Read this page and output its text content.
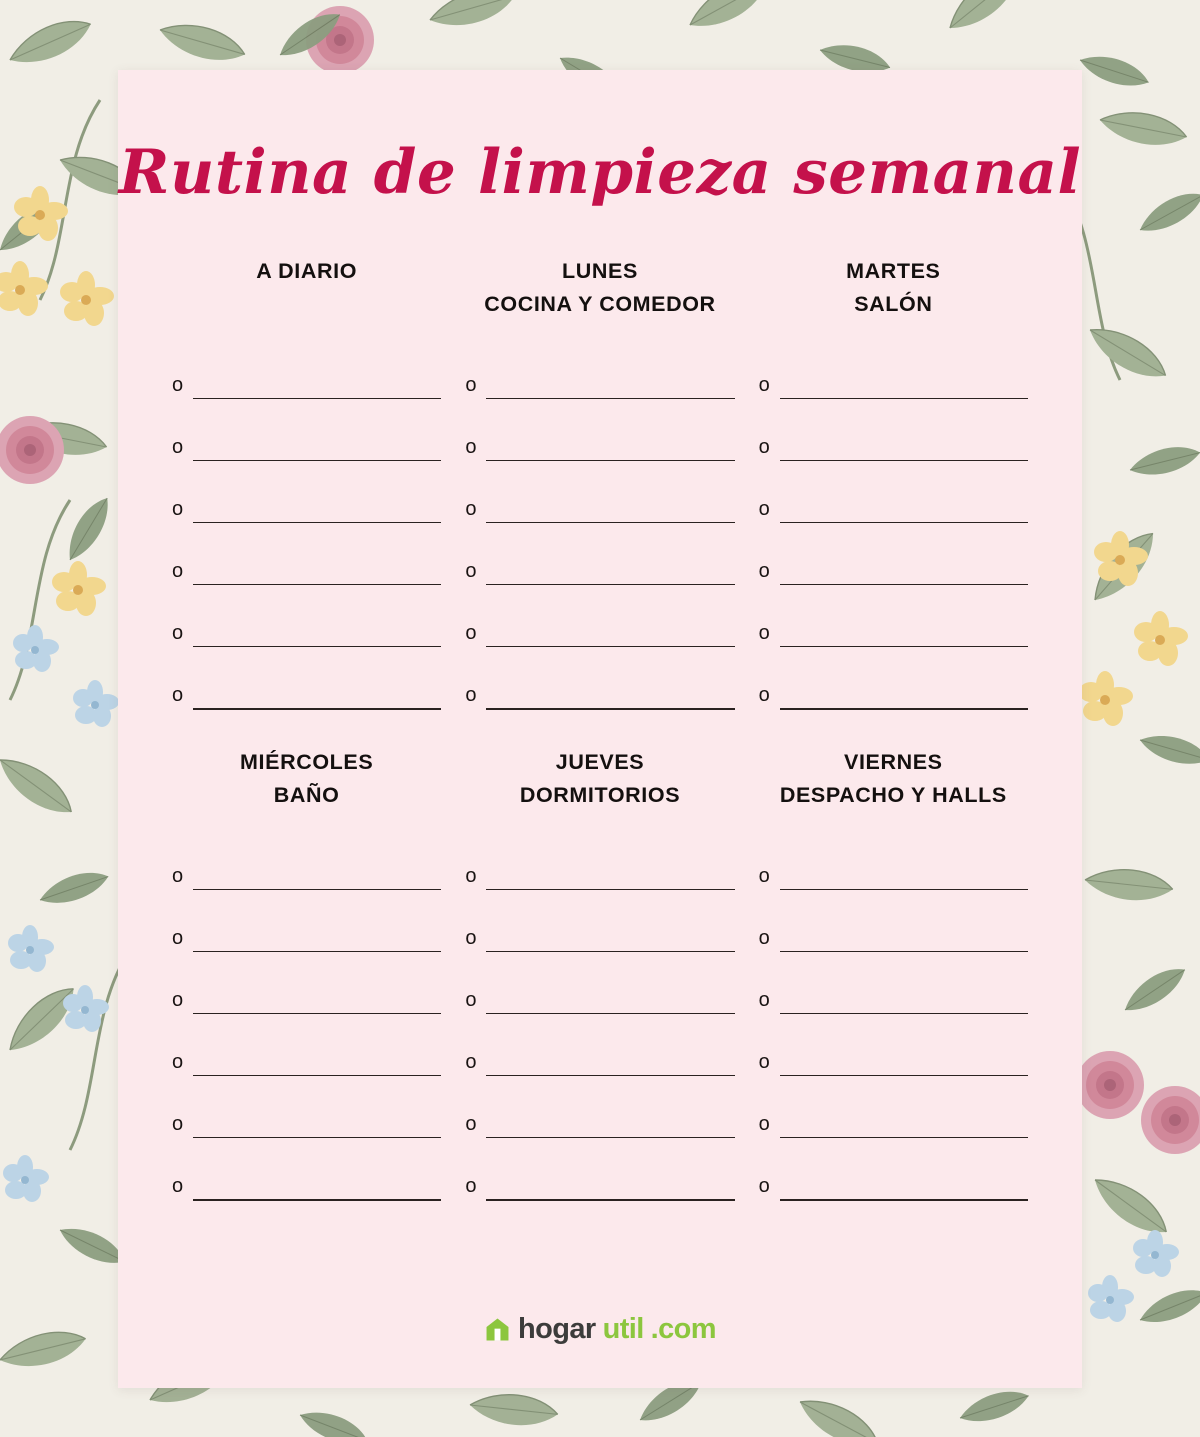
Rutina de limpieza semanal
A DIARIO
o
o
o
o
o
o
LUNES
COCINA Y COMEDOR
o
o
o
o
o
o
MARTES
SALÓN
o
o
o
o
o
o
MIÉRCOLES
BAÑO
o
o
o
o
o
o
JUEVES
DORMITORIOS
o
o
o
o
o
o
VIERNES
DESPACHO Y HALLS
o
o
o
o
o
o
hogar util .com
